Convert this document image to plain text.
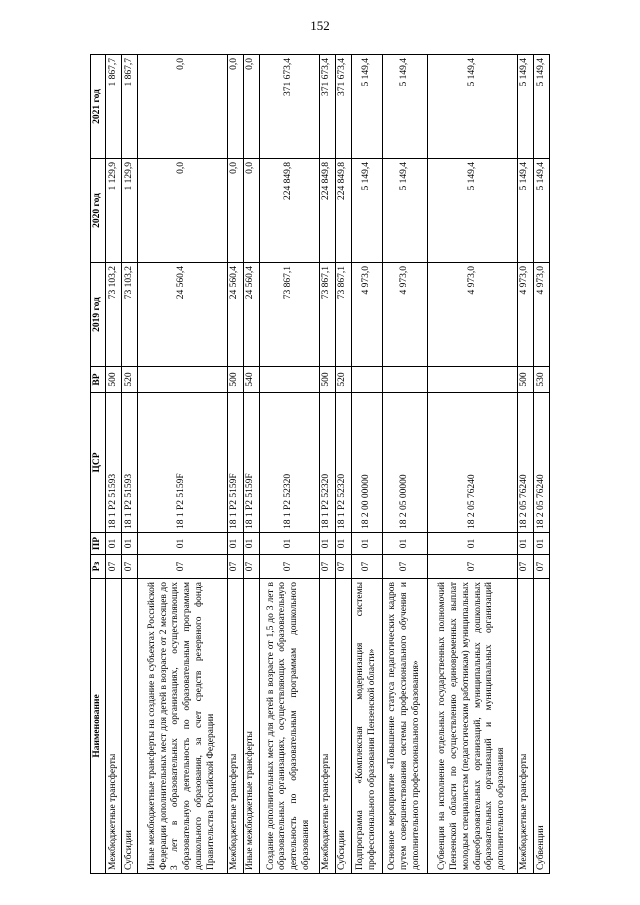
152
Наименование	Рз	ПР	ЦСР	ВР	2019 год	2020 год	2021 год
Межбюджетные трансферты	07	01	18 1 P2 51593	500	73 103,2	1 129,9	1 867,7
Субсидии	07	01	18 1 P2 51593	520	73 103,2	1 129,9	1 867,7
Иные межбюджетные трансферты на создание в субъектах Российской Федерации дополнительных мест для детей в возрасте от 2 месяцев до 3 лет в образовательных организациях, осуществляющих образовательную деятельность по образовательным программам дошкольного образования, за счет средств резервного фонда Правительства Российской Федерации	07	01	18 1 P2 5159F		24 560,4	0,0	0,0
Межбюджетные трансферты	07	01	18 1 P2 5159F	500	24 560,4	0,0	0,0
Иные межбюджетные трансферты	07	01	18 1 P2 5159F	540	24 560,4	0,0	0,0
Создание дополнительных мест для детей в возрасте от 1,5 до 3 лет в образовательных организациях, осуществляющих образовательную деятельность по образовательным программам дошкольного образования	07	01	18 1 P2 52320		73 867,1	224 849,8	371 673,4
Межбюджетные трансферты	07	01	18 1 P2 52320	500	73 867,1	224 849,8	371 673,4
Субсидии	07	01	18 1 P2 52320	520	73 867,1	224 849,8	371 673,4
Подпрограмма «Комплексная модернизация системы профессионального образования Пензенской области»	07	01	18 2 00 00000		4 973,0	5 149,4	5 149,4
Основное мероприятие «Повышение статуса педагогических кадров путем совершенствования системы профессионального обучения и дополнительного профессионального образования»	07	01	18 2 05 00000		4 973,0	5 149,4	5 149,4
Субвенция на исполнение отдельных государственных полномочий Пензенской области по осуществлению единовременных выплат молодым специалистам (педагогическим работникам) муниципальных общеобразовательных организаций, муниципальных дошкольных образовательных организаций и муниципальных организаций дополнительного образования	07	01	18 2 05 76240		4 973,0	5 149,4	5 149,4
Межбюджетные трансферты	07	01	18 2 05 76240	500	4 973,0	5 149,4	5 149,4
Субвенции	07	01	18 2 05 76240	530	4 973,0	5 149,4	5 149,4
